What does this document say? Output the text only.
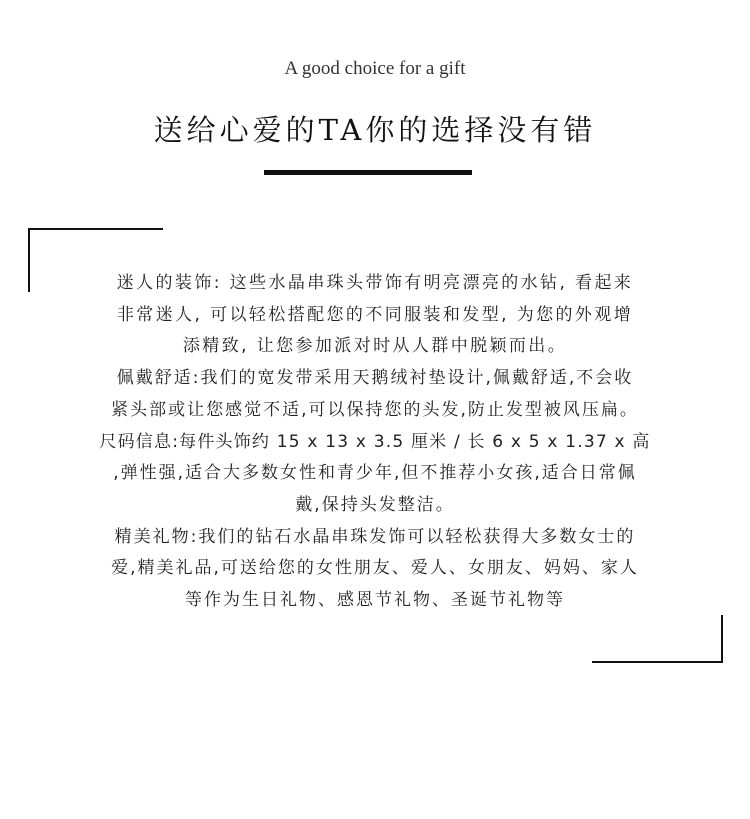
A good choice for a gift
送给心爱的TA你的选择没有错
迷人的装饰: 这些水晶串珠头带饰有明亮漂亮的水钻, 看起来
非常迷人, 可以轻松搭配您的不同服装和发型, 为您的外观增
添精致, 让您参加派对时从人群中脱颖而出。
佩戴舒适:我们的宽发带采用天鹅绒衬垫设计,佩戴舒适,不会收
紧头部或让您感觉不适,可以保持您的头发,防止发型被风压扁。
尺码信息:每件头饰约 15 x 13 x 3.5 厘米 / 长 6 x 5 x 1.37 x 高
,弹性强,适合大多数女性和青少年,但不推荐小女孩,适合日常佩
戴,保持头发整洁。
精美礼物:我们的钻石水晶串珠发饰可以轻松获得大多数女士的
爱,精美礼品,可送给您的女性朋友、爱人、女朋友、妈妈、家人
等作为生日礼物、感恩节礼物、圣诞节礼物等
